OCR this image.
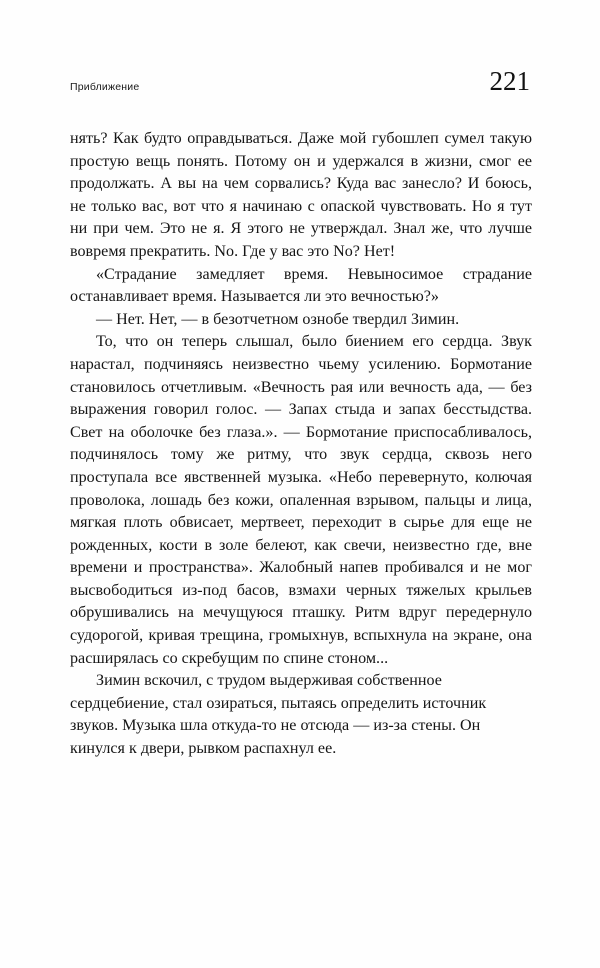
Приближение	221

нять? Как будто оправдываться. Даже мой губошлеп сумел такую простую вещь понять. Потому он и удержался в жизни, смог ее продолжать. А вы на чем сорвались? Куда вас занесло? И боюсь, не только вас, вот что я начинаю с опаской чувствовать. Но я тут ни при чем. Это не я. Я этого не утверждал. Знал же, что лучше вовремя прекратить. No. Где у вас это No? Нет!

«Страдание замедляет время. Невыносимое страдание останавливает время. Называется ли это вечностью?»

— Нет. Нет, — в безотчетном ознобе твердил Зимин.

То, что он теперь слышал, было биением его сердца. Звук нарастал, подчиняясь неизвестно чьему усилению. Бормотание становилось отчетливым. «Вечность рая или вечность ада, — без выражения говорил голос. — Запах стыда и запах бесстыдства. Свет на оболочке без глаза.». — Бормотание приспосабливалось, подчинялось тому же ритму, что звук сердца, сквозь него проступала все явственней музыка. «Небо перевернуто, колючая проволока, лошадь без кожи, опаленная взрывом, пальцы и лица, мягкая плоть обвисает, мертвеет, переходит в сырье для еще не рожденных, кости в золе белеют, как свечи, неизвестно где, вне времени и пространства». Жалобный напев пробивался и не мог высвободиться из-под басов, взмахи черных тяжелых крыльев обрушивались на мечущуюся пташку. Ритм вдруг передернуло судорогой, кривая трещина, громыхнув, вспыхнула на экране, она расширялась со скребущим по спине стоном...

Зимин вскочил, с трудом выдерживая собственное сердцебиение, стал озираться, пытаясь определить источник звуков. Музыка шла откуда-то не отсюда — из-за стены. Он кинулся к двери, рывком распахнул ее.
